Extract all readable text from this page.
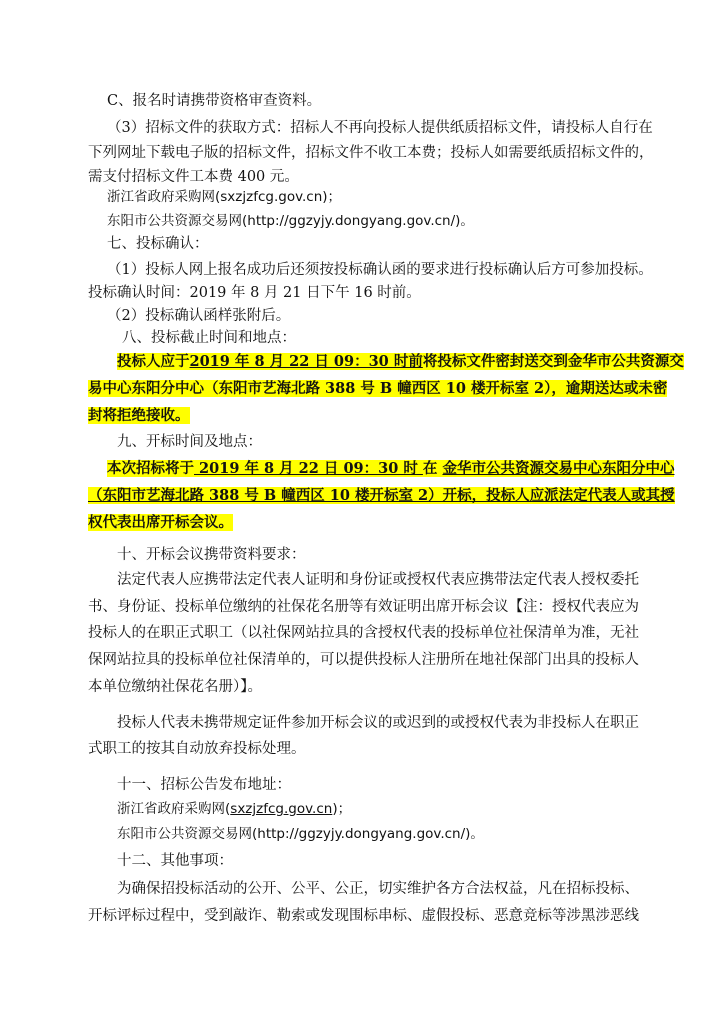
C、报名时请携带资格审查资料。
（3）招标文件的获取方式：招标人不再向投标人提供纸质招标文件，请投标人自行在
下列网址下载电子版的招标文件，招标文件不收工本费；投标人如需要纸质招标文件的，
需支付招标文件工本费 400 元。
浙江省政府采购网(sxzjzfcg.gov.cn)；
东阳市公共资源交易网(http://ggzyjy.dongyang.gov.cn/)。
七、投标确认：
（1）投标人网上报名成功后还须按投标确认函的要求进行投标确认后方可参加投标。
投标确认时间：2019 年 8 月 21 日下午 16 时前。
（2）投标确认函样张附后。
八、投标截止时间和地点：
投标人应于2019 年 8 月 22 日 09：30 时前将投标文件密封送交到金华市公共资源交
易中心东阳分中心（东阳市艺海北路 388 号 B 幢西区 10 楼开标室 2），逾期送达或未密
封将拒绝接收。
九、开标时间及地点：
本次招标将于 2019 年 8 月 22 日 09：30 时 在 金华市公共资源交易中心东阳分中心
（东阳市艺海北路 388 号 B 幢西区 10 楼开标室 2）开标，投标人应派法定代表人或其授
权代表出席开标会议。
十、开标会议携带资料要求：
法定代表人应携带法定代表人证明和身份证或授权代表应携带法定代表人授权委托
书、身份证、投标单位缴纳的社保花名册等有效证明出席开标会议【注：授权代表应为
投标人的在职正式职工（以社保网站拉具的含授权代表的投标单位社保清单为准，无社
保网站拉具的投标单位社保清单的，可以提供投标人注册所在地社保部门出具的投标人
本单位缴纳社保花名册）】。
投标人代表未携带规定证件参加开标会议的或迟到的或授权代表为非投标人在职正
式职工的按其自动放弃投标处理。
十一、招标公告发布地址：
浙江省政府采购网(sxzjzfcg.gov.cn)；
东阳市公共资源交易网(http://ggzyjy.dongyang.gov.cn/)。
十二、其他事项：
为确保招投标活动的公开、公平、公正，切实维护各方合法权益，凡在招标投标、
开标评标过程中，受到敲诈、勒索或发现围标串标、虚假投标、恶意竞标等涉黑涉恶线
